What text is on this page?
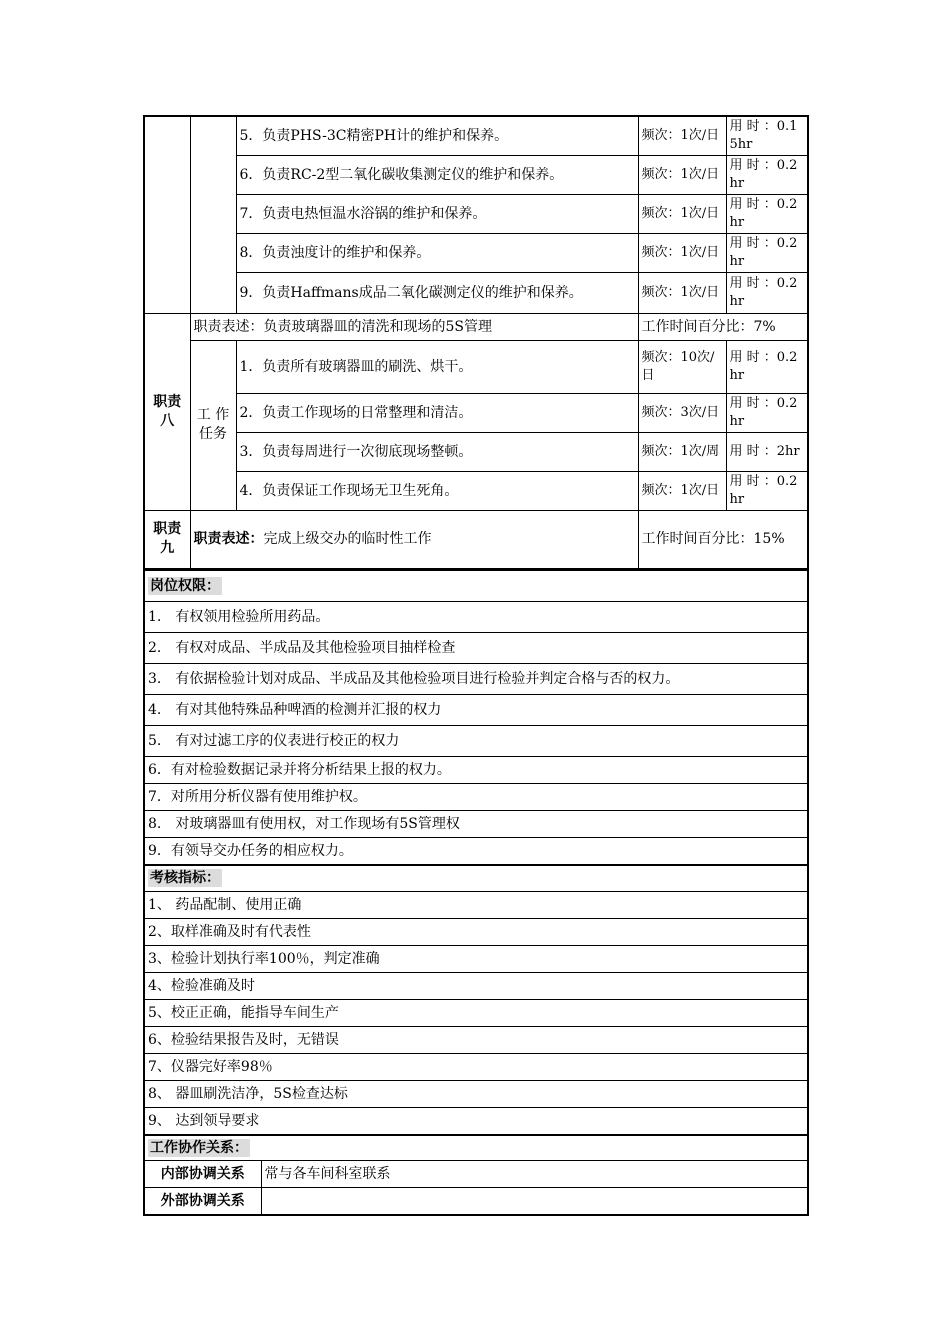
		5．负责PHS-3C精密PH计的维护和保养。	频次：1次/日	用 时 ：0.15hr
		6．负责RC-2型二氧化碳收集测定仪的维护和保养。	频次：1次/日	用 时 ：0.2hr
		7．负责电热恒温水浴锅的维护和保养。	频次：1次/日	用 时 ：0.2hr
		8．负责浊度计的维护和保养。	频次：1次/日	用 时 ：0.2hr
		9．负责Haffmans成品二氧化碳测定仪的维护和保养。	频次：1次/日	用 时 ：0.2hr
职责八	职责表述：负责玻璃器皿的清洗和现场的5S管理		工作时间百分比：7%	
	工 作任务	1．负责所有玻璃器皿的刷洗、烘干。	频次：10次/日	用 时 ：0.2hr
		2．负责工作现场的日常整理和清洁。	频次：3次/日	用 时 ：0.2hr
		3．负责每周进行一次彻底现场整顿。	频次：1次/周	用 时 ：2hr
		4．负责保证工作现场无卫生死角。	频次：1次/日	用 时 ：0.2hr
职责九	职责表述：完成上级交办的临时性工作		工作时间百分比：15%	
岗位权限：	
1.　有权领用检验所用药品。	
2.　有权对成品、半成品及其他检验项目抽样检查	
3.　有依据检验计划对成品、半成品及其他检验项目进行检验并判定合格与否的权力。	
4.　有对其他特殊品种啤酒的检测并汇报的权力	
5.　有对过滤工序的仪表进行校正的权力	
6．有对检验数据记录并将分析结果上报的权力。	
7．对所用分析仪器有使用维护权。	
8.　对玻璃器皿有使用权，对工作现场有5S管理权	
9．有领导交办任务的相应权力。	
考核指标：	
1、 药品配制、使用正确	
2、取样准确及时有代表性	
3、检验计划执行率100％，判定准确	
4、检验准确及时	
5、校正正确，能指导车间生产	
6、检验结果报告及时，无错误	
7、仪器完好率98％	
8、 器皿刷洗洁净，5S检查达标	
9、 达到领导要求	
工作协作关系：	
内部协调关系	常与各车间科室联系
外部协调关系	
